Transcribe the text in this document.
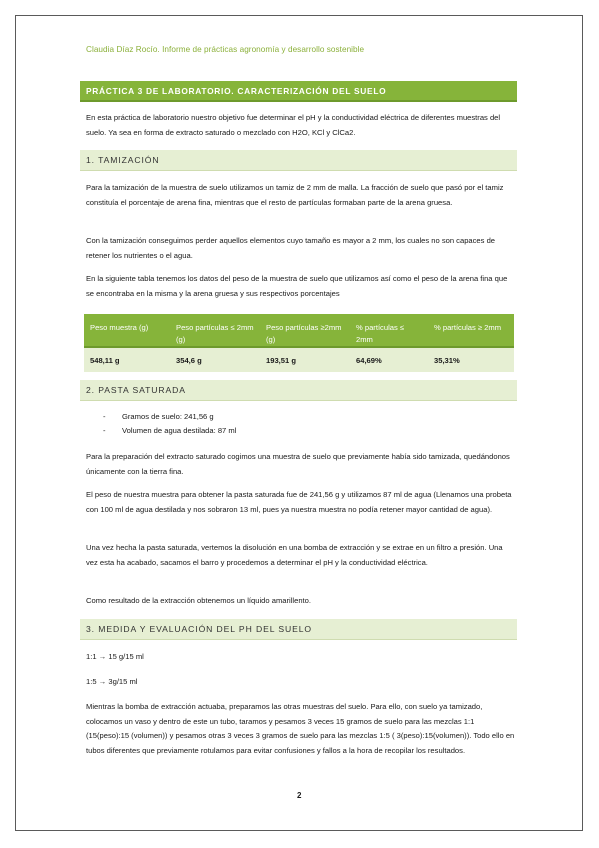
Claudia Díaz Rocío. Informe de prácticas agronomía y desarrollo sostenible
PRÁCTICA 3 DE LABORATORIO. CARACTERIZACIÓN DEL SUELO

En esta práctica de laboratorio nuestro objetivo fue determinar el pH y la conductividad eléctrica de diferentes muestras del suelo. Ya sea en forma de extracto saturado o mezclado con H2O, KCl y ClCa2.

1. TAMIZACIÓN

Para la tamización de la muestra de suelo utilizamos un tamiz de 2 mm de malla. La fracción de suelo que pasó por el tamiz constituía el porcentaje de arena fina, mientras que el resto de partículas formaban parte de la arena gruesa.

Con la tamización conseguimos perder aquellos elementos cuyo tamaño es mayor a 2 mm, los cuales no son capaces de retener los nutrientes o el agua.

En la siguiente tabla tenemos los datos del peso de la muestra de suelo que utilizamos así como el peso de la arena fina que se encontraba en la misma y la arena gruesa y sus respectivos porcentajes

Peso muestra (g)	Peso partículas ≤ 2mm (g)	Peso partículas ≥2mm (g)	% partículas ≤ 2mm	% partículas ≥ 2mm
548,11 g	354,6 g	193,51 g	64,69%	35,31%
2. PASTA SATURADA
- Gramos de suelo: 241,56 g
- Volumen de agua destilada: 87 ml

Para la preparación del extracto saturado cogimos una muestra de suelo que previamente había sido tamizada, quedándonos únicamente con la tierra fina.

El peso de nuestra muestra para obtener la pasta saturada fue de 241,56 g y utilizamos 87 ml de agua (Llenamos una probeta con 100 ml de agua destilada y nos sobraron 13 ml, pues ya nuestra muestra no podía retener mayor cantidad de agua).

Una vez hecha la pasta saturada, vertemos la disolución en una bomba de extracción y se extrae en un filtro a presión. Una vez esta ha acabado, sacamos el barro y procedemos a determinar el pH y la conductividad eléctrica.

Como resultado de la extracción obtenemos un líquido amarillento.

3. MEDIDA Y EVALUACIÓN DEL PH DEL SUELO

1:1 → 15 g/15 ml

1:5 → 3g/15 ml

Mientras la bomba de extracción actuaba, preparamos las otras muestras del suelo. Para ello, con suelo ya tamizado, colocamos un vaso y dentro de este un tubo, taramos y pesamos 3 veces 15 gramos de suelo para las mezclas 1:1 (15(peso):15 (volumen)) y pesamos otras 3 veces 3 gramos de suelo para las mezclas 1:5 ( 3(peso):15(volumen)). Todo ello en tubos diferentes que previamente rotulamos para evitar confusiones y fallos a la hora de recopilar los resultados.

2
